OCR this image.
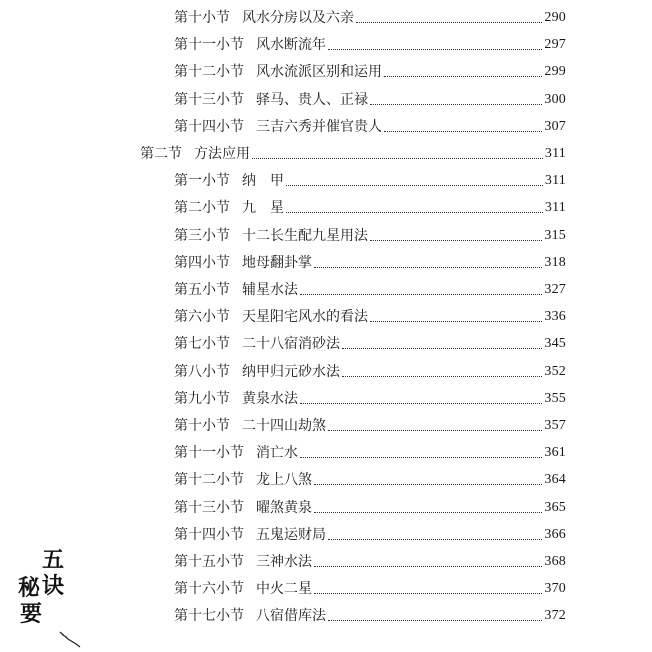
第十小节 风水分房以及六亲	290
第十一小节 风水断流年	297
第十二小节 风水流派区别和运用	299
第十三小节 驿马、贵人、正禄	300
第十四小节 三吉六秀并催官贵人	307
第二节 方法应用	311
第一小节 纳　甲	311
第二小节 九　星	311
第三小节 十二长生配九星用法	315
第四小节 地母翻卦掌	318
第五小节 辅星水法	327
第六小节 天星阳宅风水的看法	336
第七小节 二十八宿消砂法	345
第八小节 纳甲归元砂水法	352
第九小节 黄泉水法	355
第十小节 二十四山劫煞	357
第十一小节 消亡水	361
第十二小节 龙上八煞	364
第十三小节 曜煞黄泉	365
第十四小节 五鬼运财局	366
第十五小节 三神水法	368
第十六小节 中火二星	370
第十七小节 八宿借库法	372
五
诀
秘
要
